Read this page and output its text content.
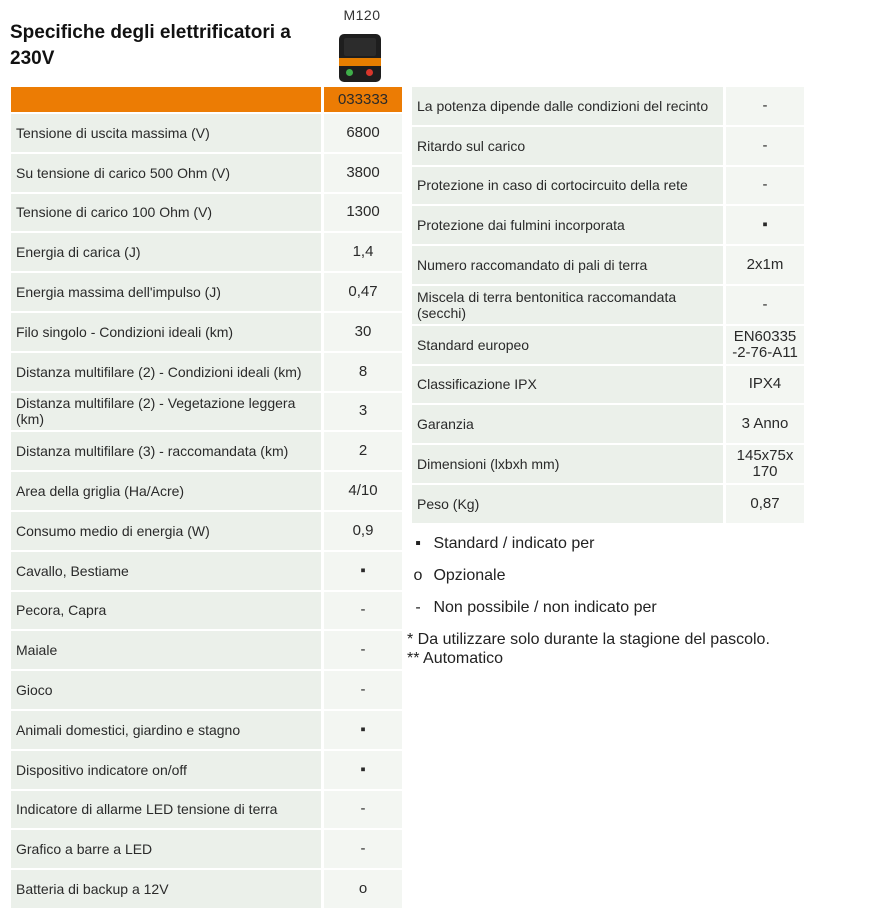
Specifiche degli elettrificatori a 230V
M120
	033333
Tensione di uscita massima (V)	6800
Su tensione di carico 500 Ohm (V)	3800
Tensione di carico 100 Ohm (V)	1300
Energia di carica (J)	1,4
Energia massima dell'impulso (J)	0,47
Filo singolo - Condizioni ideali (km)	30
Distanza multifilare (2) - Condizioni ideali (km)	8
Distanza multifilare (2) - Vegetazione leggera (km)	3
Distanza multifilare (3) - raccomandata (km)	2
Area della griglia (Ha/Acre)	4/10
Consumo medio di energia (W)	0,9
Cavallo, Bestiame	▪
Pecora, Capra	-
Maiale	-
Gioco	-
Animali domestici, giardino e stagno	▪
Dispositivo indicatore on/off	▪
Indicatore di allarme LED tensione di terra	-
Grafico a barre a LED	-
Batteria di backup a 12V	o
La potenza dipende dalle condizioni del recinto	-
Ritardo sul carico	-
Protezione in caso di cortocircuito della rete	-
Protezione dai fulmini incorporata	▪
Numero raccomandato di pali di terra	2x1m
Miscela di terra bentonitica raccomandata (secchi)	-
Standard europeo	EN60335 -2-76-A11
Classificazione IPX	IPX4
Garanzia	3 Anno
Dimensioni (lxbxh mm)	145x75x 170
Peso (Kg)	0,87
▪ Standard / indicato per
o Opzionale
- Non possibile / non indicato per
* Da utilizzare solo durante la stagione del pascolo.
** Automatico
